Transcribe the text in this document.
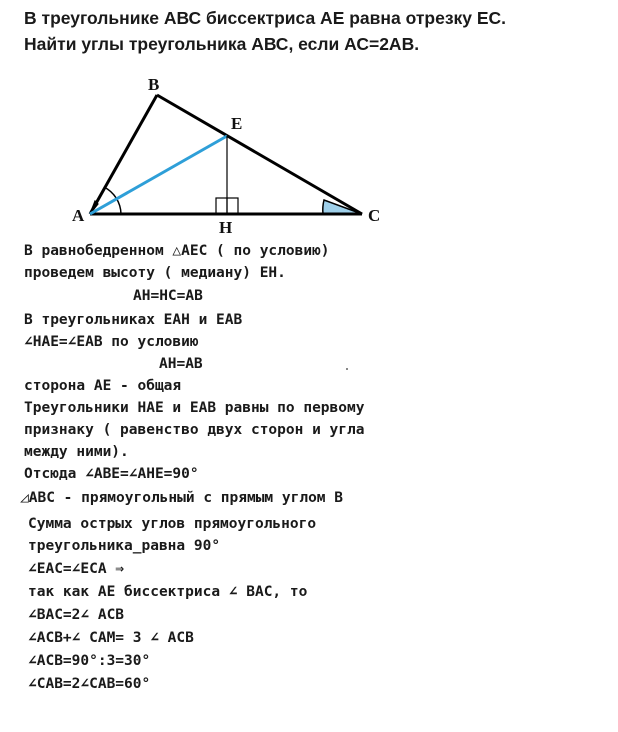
В треугольнике АВС биссектриса АЕ равна отрезку ЕС.
Найти углы треугольника АВС, если АС=2АВ.
B
E
A	C
H
В равнобедренном △AEC ( по условию)
проведем высоту ( медиану) EH.
AH=HC=AB
В треугольниках EAH и EAB
∠HAE=∠EAB по условию
AH=AB
сторона AE - общая
Треугольники HAE и EAB равны по первому
признаку ( равенство двух сторон и угла
между ними).
Отсюда ∠ABE=∠AHE=90°
◿ABC - прямоугольный с прямым углом B
Сумма острых углов прямоугольного
треугольника_равна 90°
∠EAC=∠ECA ⇒
так как AE биссектриса ∠ BAC, то
∠BAC=2∠ ACB
∠ACB+∠ CAM= 3 ∠ ACB
∠ACB=90°:3=30°
∠CAB=2∠CAB=60°
